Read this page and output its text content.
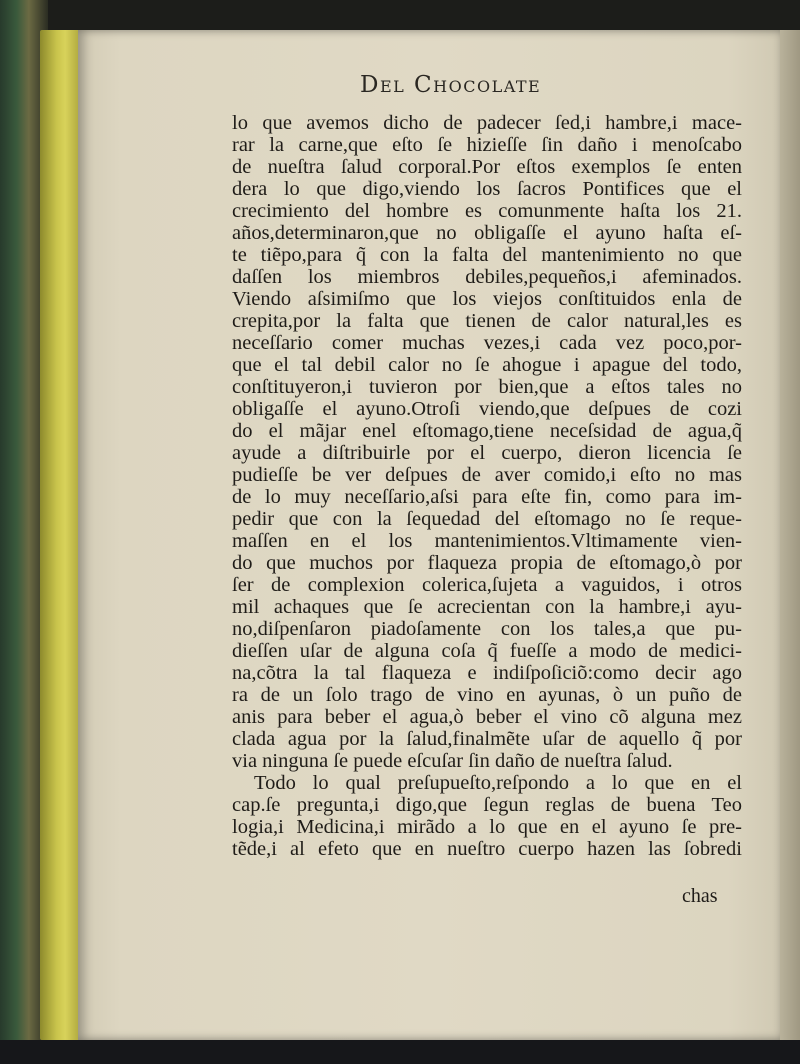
Del Chocolate
lo que avemos dicho de padecer ſed,i hambre,i mace-
rar la carne,que eſto ſe hizieſſe ſin daño i menoſcabo
de nueſtra ſalud corporal.Por eſtos exemplos ſe enten
dera lo que digo,viendo los ſacros Pontifices que el
crecimiento del hombre es comunmente haſta los 21.
años,determinaron,que no obligaſſe el ayuno haſta eſ-
te tiẽpo,para q̃ con la falta del mantenimiento no que
daſſen los miembros debiles,pequeños,i afeminados.
Viendo aſsimiſmo que los viejos conſtituidos enla de
crepita,por la falta que tienen de calor natural,les es
neceſſario comer muchas vezes,i cada vez poco,por-
que el tal debil calor no ſe ahogue i apague del todo,
conſtituyeron,i tuvieron por bien,que a eſtos tales no
obligaſſe el ayuno.Otroſi viendo,que deſpues de cozi
do el mãjar enel eſtomago,tiene neceſsidad de agua,q̃
ayude a diſtribuirle por el cuerpo, dieron licencia ſe
pudieſſe be ver deſpues de aver comido,i eſto no mas
de lo muy neceſſario,aſsi para eſte fin, como para im-
pedir que con la ſequedad del eſtomago no ſe reque-
maſſen en el los mantenimientos.Vltimamente vien-
do que muchos por flaqueza propia de eſtomago,ò por
ſer de complexion colerica,ſujeta a vaguidos, i otros
mil achaques que ſe acrecientan con la hambre,i ayu-
no,diſpenſaron piadoſamente con los tales,a que pu-
dieſſen uſar de alguna coſa q̃ fueſſe a modo de medici-
na,cõtra la tal flaqueza e indiſpoſiciõ:como decir ago
ra de un ſolo trago de vino en ayunas, ò un puño de
anis para beber el agua,ò beber el vino cõ alguna mez
clada agua por la ſalud,finalmẽte uſar de aquello q̃ por
via ninguna ſe puede eſcuſar ſin daño de nueſtra ſalud.
Todo lo qual preſupueſto,reſpondo a lo que en el
cap.ſe pregunta,i digo,que ſegun reglas de buena Teo
logia,i Medicina,i mirãdo a lo que en el ayuno ſe pre-
tẽde,i al efeto que en nueſtro cuerpo hazen las ſobredi
chas
